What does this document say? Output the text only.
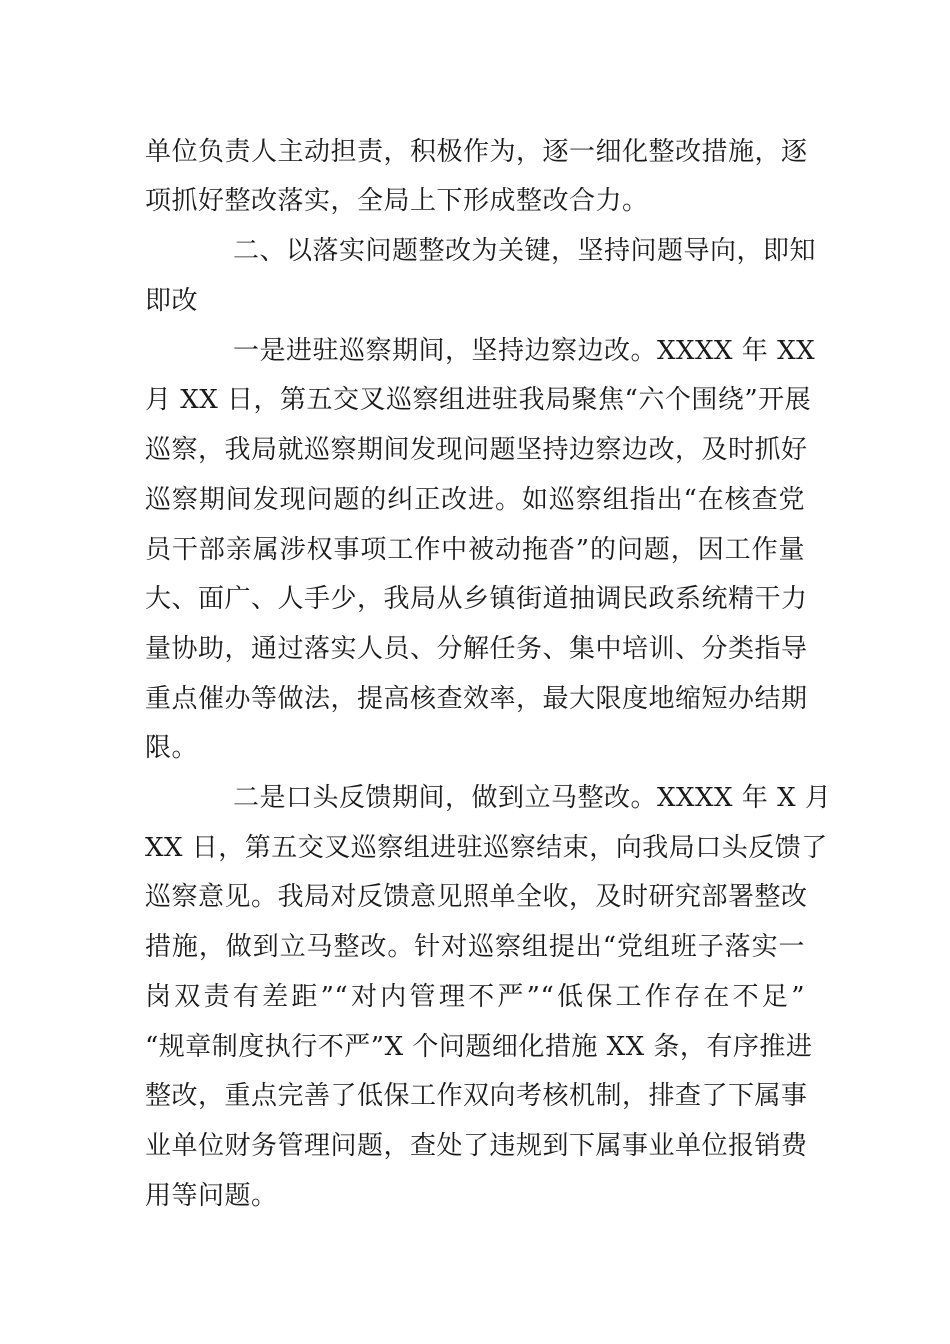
单位负责人主动担责，积极作为，逐一细化整改措施，逐
项抓好整改落实，全局上下形成整改合力。
二、以落实问题整改为关键，坚持问题导向，即知
即改
一是进驻巡察期间，坚持边察边改。XXXX 年 XX
月 XX 日，第五交叉巡察组进驻我局聚焦“六个围绕”开展
巡察，我局就巡察期间发现问题坚持边察边改，及时抓好
巡察期间发现问题的纠正改进。如巡察组指出“在核查党
员干部亲属涉权事项工作中被动拖沓”的问题，因工作量
大、面广、人手少，我局从乡镇街道抽调民政系统精干力
量协助，通过落实人员、分解任务、集中培训、分类指导
重点催办等做法，提高核查效率，最大限度地缩短办结期
限。
二是口头反馈期间，做到立马整改。XXXX 年 X 月
XX 日，第五交叉巡察组进驻巡察结束，向我局口头反馈了
巡察意见。我局对反馈意见照单全收，及时研究部署整改
措施，做到立马整改。针对巡察组提出“党组班子落实一
岗双责有差距”“对内管理不严”“低保工作存在不足”
“规章制度执行不严”X 个问题细化措施 XX 条，有序推进
整改，重点完善了低保工作双向考核机制，排查了下属事
业单位财务管理问题，查处了违规到下属事业单位报销费
用等问题。
